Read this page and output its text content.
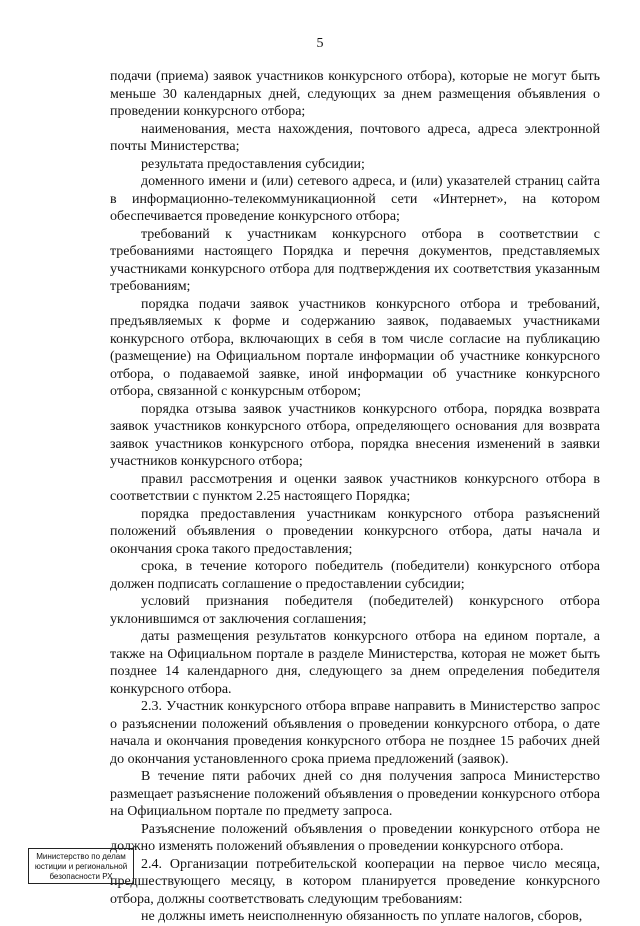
5

подачи (приема) заявок участников конкурсного отбора), которые не могут быть меньше 30 календарных дней, следующих за днем размещения объявления о проведении конкурсного отбора;

наименования, места нахождения, почтового адреса, адреса электронной почты Министерства;

результата предоставления субсидии;

доменного имени и (или) сетевого адреса, и (или) указателей страниц сайта в информационно-телекоммуникационной сети «Интернет», на котором обеспечивается проведение конкурсного отбора;

требований к участникам конкурсного отбора в соответствии с требованиями настоящего Порядка и перечня документов, представляемых участниками конкурсного отбора для подтверждения их соответствия указанным требованиям;

порядка подачи заявок участников конкурсного отбора и требований, предъявляемых к форме и содержанию заявок, подаваемых участниками конкурсного отбора, включающих в себя в том числе согласие на публикацию (размещение) на Официальном портале информации об участнике конкурсного отбора, о подаваемой заявке, иной информации об участнике конкурсного отбора, связанной с конкурсным отбором;

порядка отзыва заявок участников конкурсного отбора, порядка возврата заявок участников конкурсного отбора, определяющего основания для возврата заявок участников конкурсного отбора, порядка внесения изменений в заявки участников конкурсного отбора;

правил рассмотрения и оценки заявок участников конкурсного отбора в соответствии с пунктом 2.25 настоящего Порядка;

порядка предоставления участникам конкурсного отбора разъяснений положений объявления о проведении конкурсного отбора, даты начала и окончания срока такого предоставления;

срока, в течение которого победитель (победители) конкурсного отбора должен подписать соглашение о предоставлении субсидии;

условий признания победителя (победителей) конкурсного отбора уклонившимся от заключения соглашения;

даты размещения результатов конкурсного отбора на едином портале, а также на Официальном портале в разделе Министерства, которая не может быть позднее 14 календарного дня, следующего за днем определения победителя конкурсного отбора.

2.3. Участник конкурсного отбора вправе направить в Министерство запрос о разъяснении положений объявления о проведении конкурсного отбора, о дате начала и окончания проведения конкурсного отбора не позднее 15 рабочих дней до окончания установленного срока приема предложений (заявок).

В течение пяти рабочих дней со дня получения запроса Министерство размещает разъяснение положений объявления о проведении конкурсного отбора на Официальном портале по предмету запроса.

Разъяснение положений объявления о проведении конкурсного отбора не должно изменять положений объявления о проведении конкурсного отбора.

2.4. Организации потребительской кооперации на первое число месяца, предшествующего месяцу, в котором планируется проведение конкурсного отбора, должны соответствовать следующим требованиям:

не должны иметь неисполненную обязанность по уплате налогов, сборов,

Министерство по делам
юстиции и региональной
безопасности РХ
